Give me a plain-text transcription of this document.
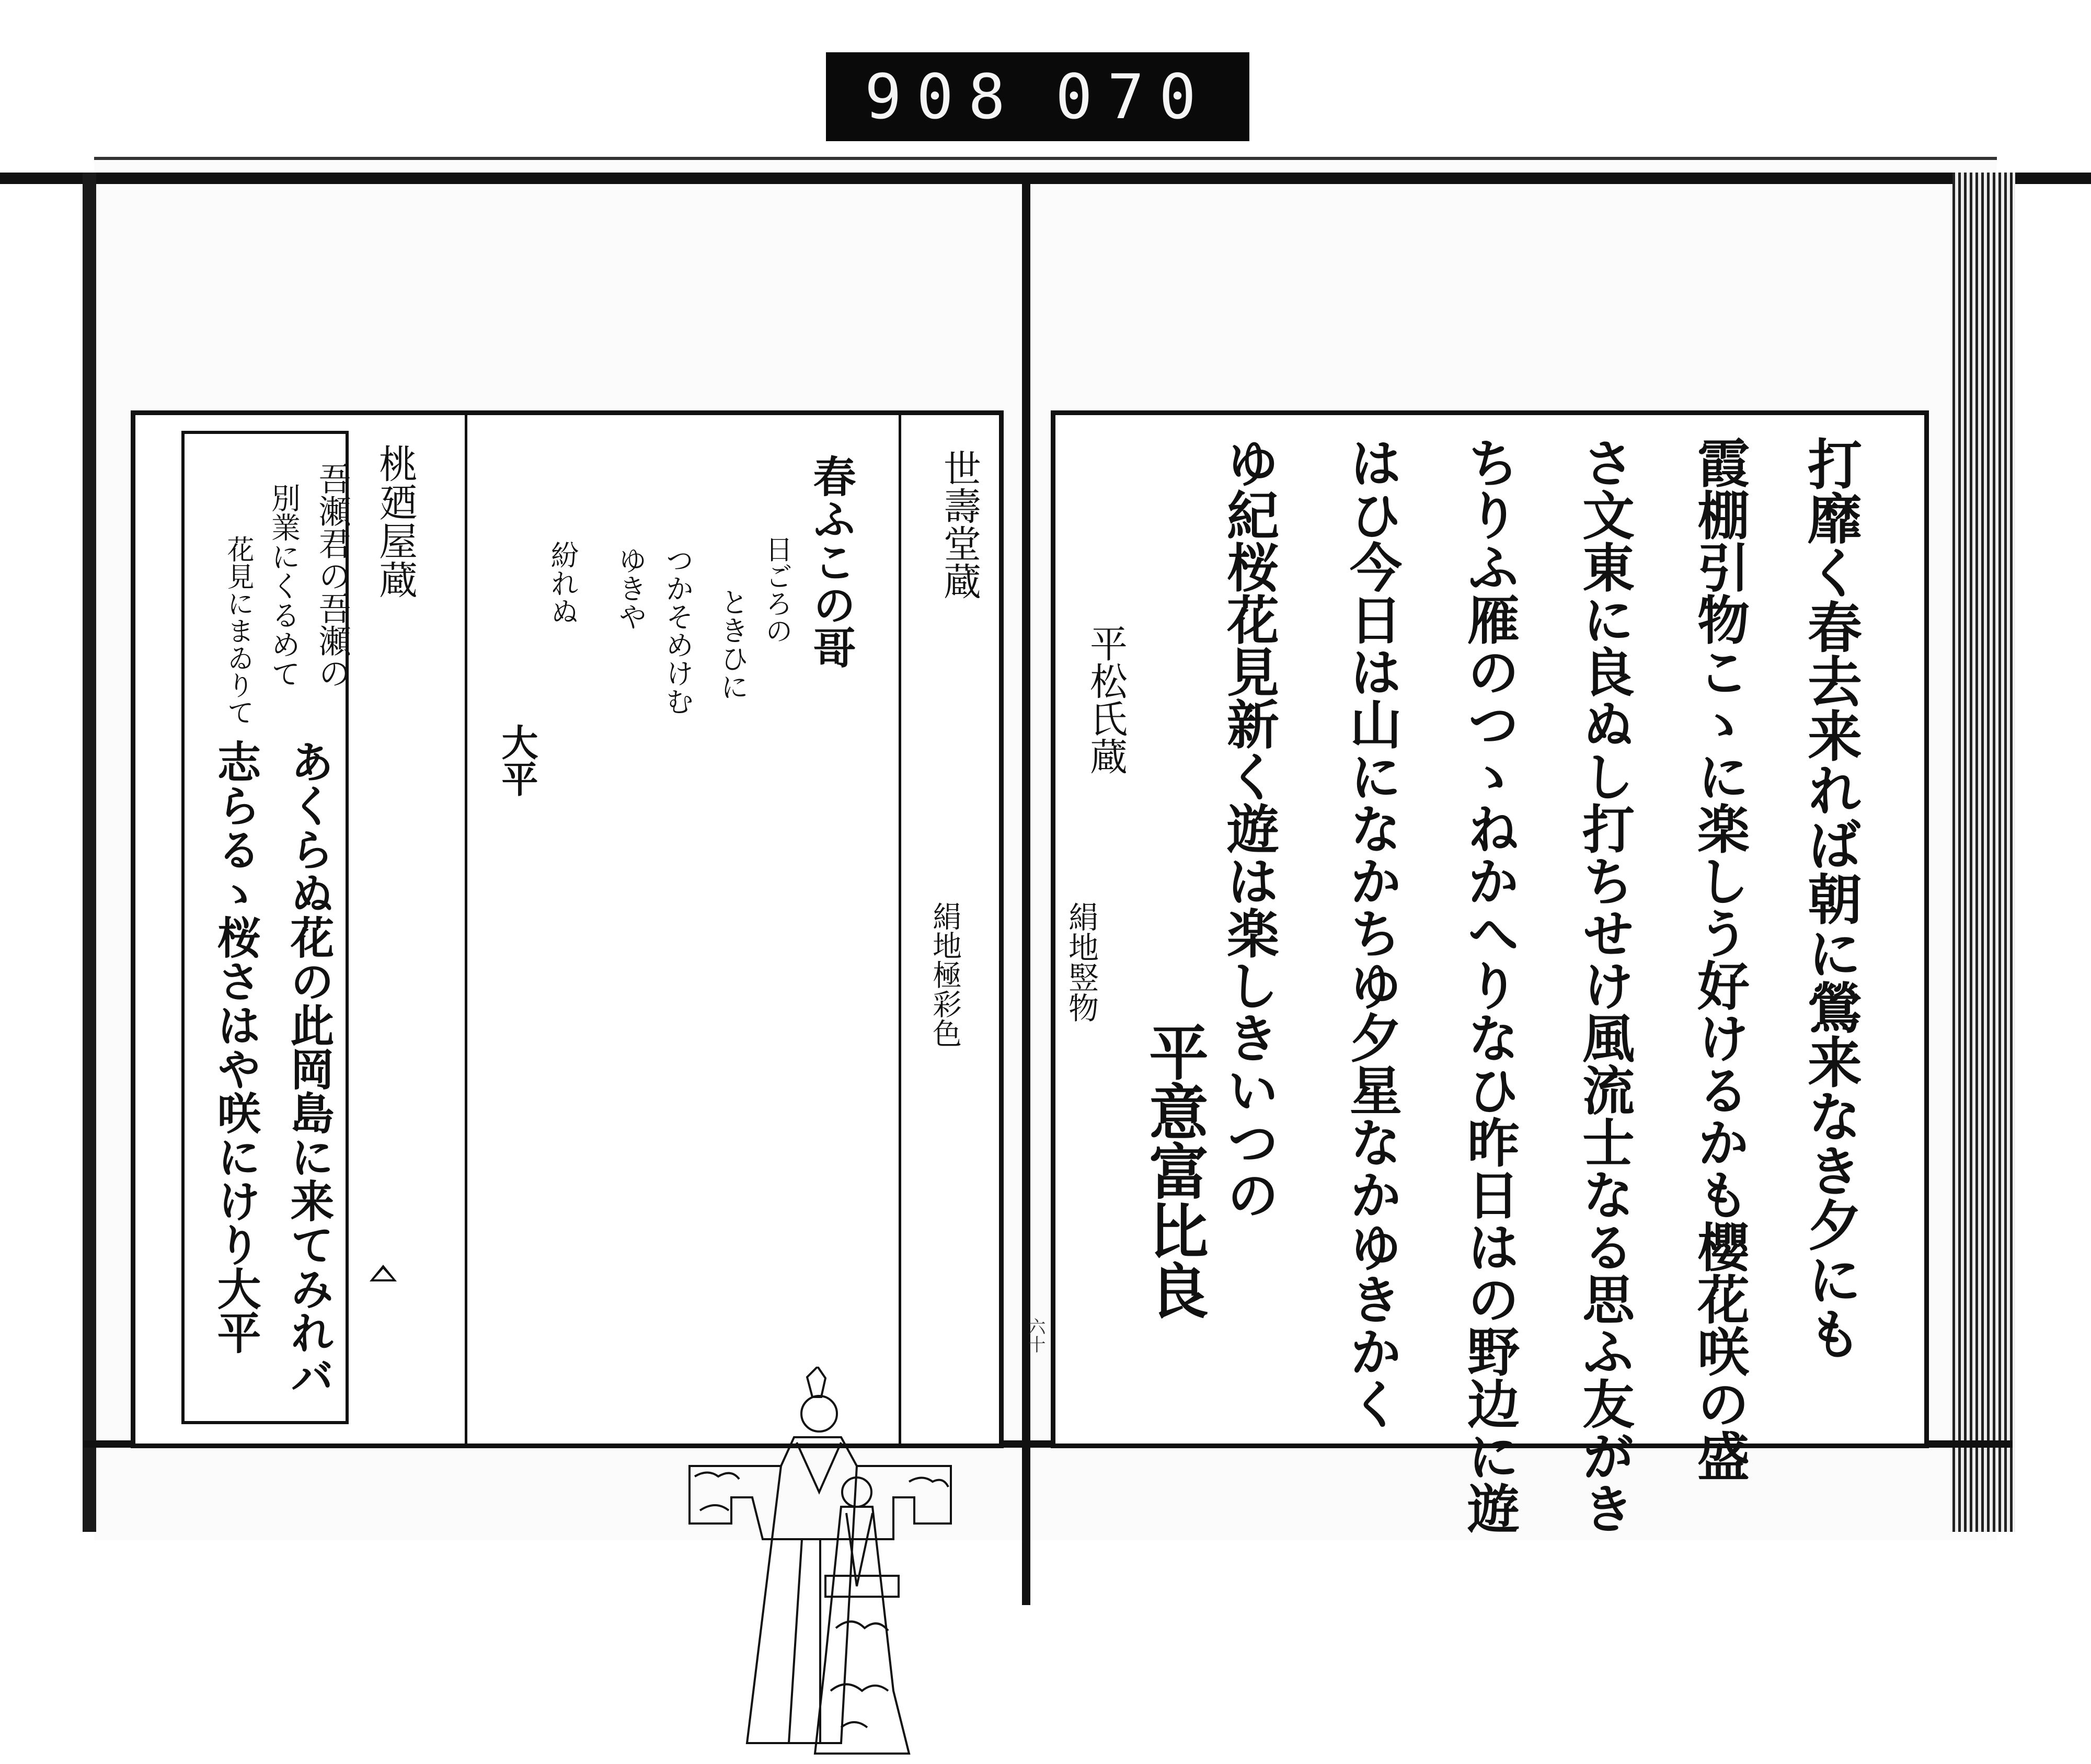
908 070
吾瀬君の吾瀬の
別業にくるめて
花見にまゐりて
あくらぬ花の此岡島に来てみれバ
志らるゝ桜さはや咲にけり大平
桃廼屋蔵	春ふこの哥
日ごろの
ときひに
つかそめけむ
ゆきや
紛れぬ
大平
世壽堂蔵
絹地極彩色
六十	打靡く春去来れば朝に鶯来なき夕にも
霞棚引物こゝに楽しう好けるかも櫻花咲の盛
さ文東に良ぬし打ちせけ風流士なる思ふ友がき
ちりふ雁のつゝねかへりなひ昨日はの野边に遊
はひ今日は山になかちゆ夕星なかゆきかく
ゆ紀桜花見新く遊は楽しきいつの
平松氏蔵
絹地竪物
平意富比良
